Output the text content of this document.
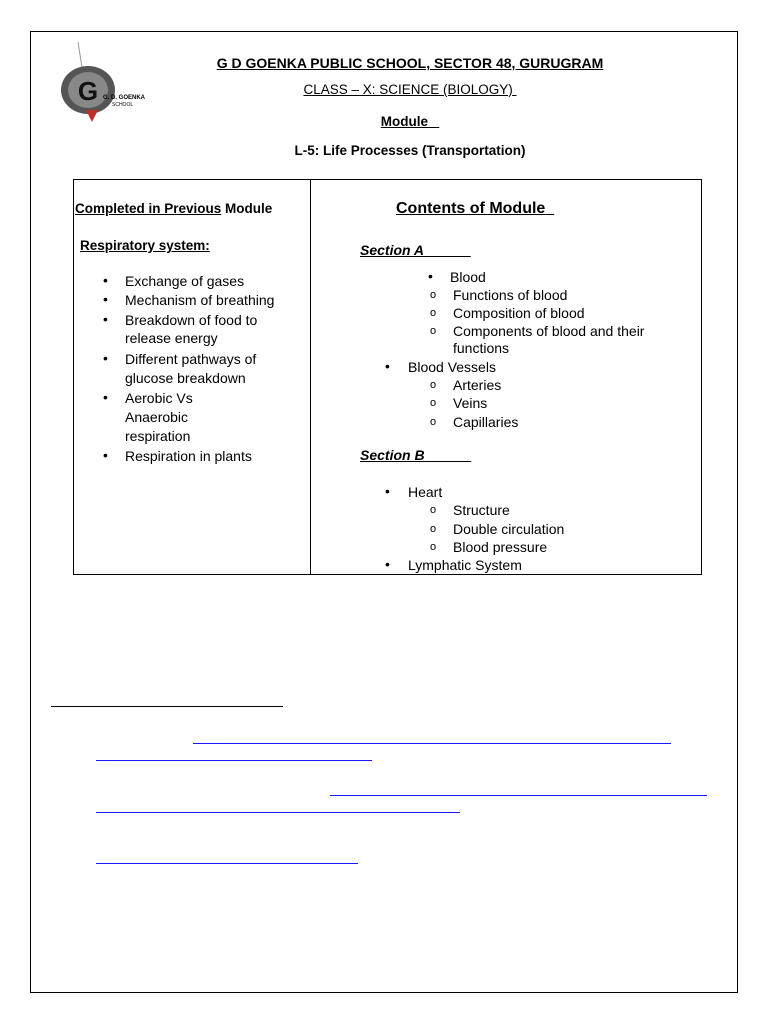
G G. D. GOENKA
SCHOOL
G D GOENKA PUBLIC SCHOOL, SECTOR 48, GURUGRAM
CLASS – X: SCIENCE (BIOLOGY)
Module
L-5: Life Processes (Transportation)
Completed in Previous Module
Respiratory system:
• Exchange of gases
• Mechanism of breathing
• Breakdown of food to
release energy
• Different pathways of
glucose breakdown
• Aerobic Vs
Anaerobic
respiration
• Respiration in plants
Contents of Module
Section A
• Blood
o Functions of blood
o Composition of blood
o Components of blood and their
functions
• Blood Vessels
o Arteries
o Veins
o Capillaries
Section B
• Heart
o Structure
o Double circulation
o Blood pressure
• Lymphatic System
